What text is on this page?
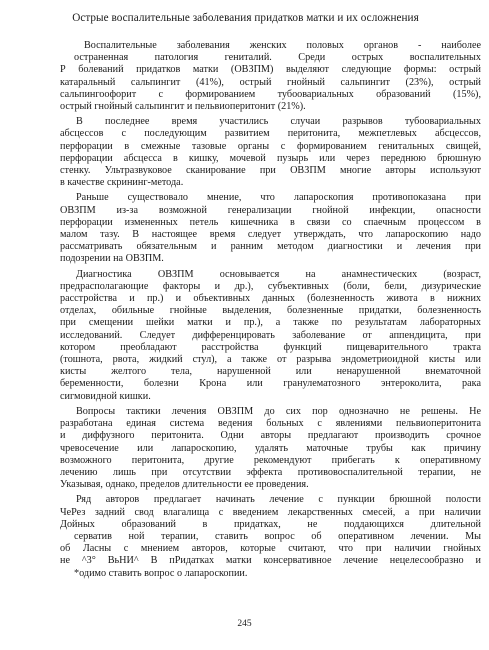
Острые воспалительные заболевания придатков матки и их осложнения
Воспалительные заболевания женских половых органов - наиболее
остраненная патология гениталий. Среди острых воспалительных
Р болеваний придатков матки (ОВЗПМ) выделяют следующие формы: острый
катаральный сальпингит (41%), острый гнойный сальпингит (23%), острый
сальпингоофорит с формированием тубоовариальных образований (15%),
острый гнойный сальпингит и пельвиоперитонит (21%).
В последнее время участились случаи разрывов тубоовариальных
абсцессов с последующим развитием перитонита, межпетлевых абсцессов,
перфорации в смежные тазовые органы с формированием генитальных свищей,
перфорации абсцесса в кишку, мочевой пузырь или через переднюю брюшную
стенку. Ультразвуковое сканирование при ОВЗПМ многие авторы используют
в качестве скрининг-метода.
Раньше существовало мнение, что лапароскопия противопоказана при
ОВЗПМ из-за возможной генерализации гнойной инфекции, опасности
перфорации измененных петель кишечника в связи со спаечным процессом в
малом тазу. В настоящее время следует утверждать, что лапароскопию надо
рассматривать обязательным и ранним методом диагностики и лечения при
подозрении на ОВЗПМ.
Диагностика ОВЗПМ основывается на анамнестических (возраст,
предрасполагающие факторы и др.), субъективных (боли, бели, дизурические
расстройства и пр.) и объективных данных (болезненность живота в нижних
отделах, обильные гнойные выделения, болезненные придатки, болезненность
при смещении шейки матки и пр.), а также по результатам лабораторных
исследований. Следует дифференцировать заболевание от аппендицита, при
котором преобладают расстройства функций пищеварительного тракта
(тошнота, рвота, жидкий стул), а также от разрыва эндометриоидной кисты или
кисты желтого тела, нарушенной или ненарушенной внематочной
беременности, болезни Крона или гранулематозного энтероколита, рака
сигмовидной кишки.
Вопросы тактики лечения ОВЗПМ до сих пор однозначно не решены. Не
разработана единая система ведения больных с явлениями пельвиоперитонита
и диффузного перитонита. Одни авторы предлагают производить срочное
чревосечение или лапароскопию, удалять маточные трубы как причину
возможного перитонита, другие рекомендуют прибегать к оперативному
лечению лишь при отсутствии эффекта противовоспалительной терапии, не
Указывая, однако, пределов длительности ее проведения.
Ряд авторов предлагает начинать лечение с пункции брюшной полости
ЧеРез задний свод влагалища с введением лекарственных смесей, а при наличии
Дойных образований в придатках, не поддающихся длительной
серватив ной терапии, ставить вопрос об оперативном лечении. Мы
об Ласны с мнением авторов, которые считают, что при наличии гнойных
не ^3° ВьНИ^ В пРидатках матки консервативное лечение нецелесообразно и
*одимо ставить вопрос о лапароскопии.
245
